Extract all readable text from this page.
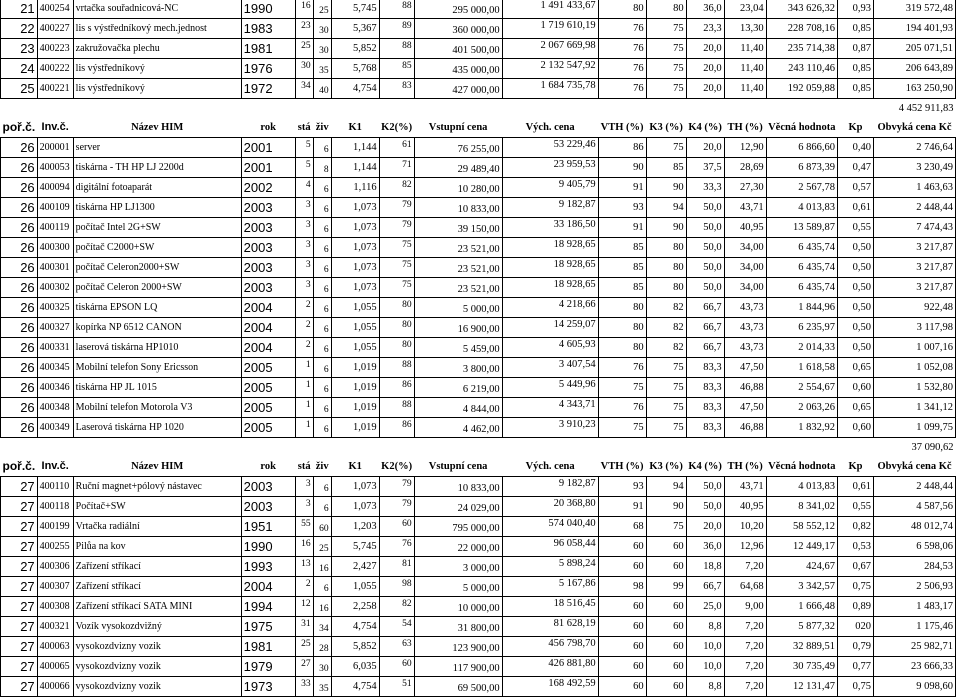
21	400254	vrtačka souřadnicová-NC	1990	16	25	5,745	88	295 000,00	1 491 433,67	80	80	36,0	23,04	343 626,32	0,93	319 572,48
22	400227	lis s výstředníkový mech.jednost	1983	23	30	5,367	89	360 000,00	1 719 610,19	76	75	23,3	13,30	228 708,16	0,85	194 401,93
23	400223	zakružovačka plechu	1981	25	30	5,852	88	401 500,00	2 067 669,98	76	75	20,0	11,40	235 714,38	0,87	205 071,51
24	400222	lis výstředníkový	1976	30	35	5,768	85	435 000,00	2 132 547,92	76	75	20,0	11,40	243 110,46	0,85	206 643,89
25	400221	lis výstředníkový	1972	34	40	4,754	83	427 000,00	1 684 735,78	76	75	20,0	11,40	192 059,88	0,85	163 250,90
																4 452 911,83
poř.č.	Inv.č.	Název HIM	rok	stá	živ	K1	K2(%)	Vstupní cena	Vých. cena	VTH (%)	K3 (%)	K4 (%)	TH (%)	Věcná hodnota	Kp	Obvyká cena Kč
26	200001	server	2001	5	6	1,144	61	76 255,00	53 229,46	86	75	20,0	12,90	6 866,60	0,40	2 746,64
26	400053	tiskárna - TH HP LJ 2200d	2001	5	8	1,144	71	29 489,40	23 959,53	90	85	37,5	28,69	6 873,39	0,47	3 230,49
26	400094	digitální fotoaparát	2002	4	6	1,116	82	10 280,00	9 405,79	91	90	33,3	27,30	2 567,78	0,57	1 463,63
26	400109	tiskárna HP LJ1300	2003	3	6	1,073	79	10 833,00	9 182,87	93	94	50,0	43,71	4 013,83	0,61	2 448,44
26	400119	počítač Intel 2G+SW	2003	3	6	1,073	79	39 150,00	33 186,50	91	90	50,0	40,95	13 589,87	0,55	7 474,43
26	400300	počítač C2000+SW	2003	3	6	1,073	75	23 521,00	18 928,65	85	80	50,0	34,00	6 435,74	0,50	3 217,87
26	400301	počítač Celeron2000+SW	2003	3	6	1,073	75	23 521,00	18 928,65	85	80	50,0	34,00	6 435,74	0,50	3 217,87
26	400302	počítač Celeron 2000+SW	2003	3	6	1,073	75	23 521,00	18 928,65	85	80	50,0	34,00	6 435,74	0,50	3 217,87
26	400325	tiskárna EPSON LQ	2004	2	6	1,055	80	5 000,00	4 218,66	80	82	66,7	43,73	1 844,96	0,50	922,48
26	400327	kopírka NP 6512 CANON	2004	2	6	1,055	80	16 900,00	14 259,07	80	82	66,7	43,73	6 235,97	0,50	3 117,98
26	400331	laserová tiskárna HP1010	2004	2	6	1,055	80	5 459,00	4 605,93	80	82	66,7	43,73	2 014,33	0,50	1 007,16
26	400345	Mobilní telefon Sony Ericsson	2005	1	6	1,019	88	3 800,00	3 407,54	76	75	83,3	47,50	1 618,58	0,65	1 052,08
26	400346	tiskárna HP JL 1015	2005	1	6	1,019	86	6 219,00	5 449,96	75	75	83,3	46,88	2 554,67	0,60	1 532,80
26	400348	Mobilní telefon Motorola V3	2005	1	6	1,019	88	4 844,00	4 343,71	76	75	83,3	47,50	2 063,26	0,65	1 341,12
26	400349	Laserová tiskárna HP 1020	2005	1	6	1,019	86	4 462,00	3 910,23	75	75	83,3	46,88	1 832,92	0,60	1 099,75
																37 090,62
poř.č.	Inv.č.	Název HIM	rok	stá	živ	K1	K2(%)	Vstupní cena	Vých. cena	VTH (%)	K3 (%)	K4 (%)	TH (%)	Věcná hodnota	Kp	Obvyká cena Kč
27	400110	Ruční magnet+pólový nástavec	2003	3	6	1,073	79	10 833,00	9 182,87	93	94	50,0	43,71	4 013,83	0,61	2 448,44
27	400118	Počítač+SW	2003	3	6	1,073	79	24 029,00	20 368,80	91	90	50,0	40,95	8 341,02	0,55	4 587,56
27	400199	Vrtačka radiální	1951	55	60	1,203	60	795 000,00	574 040,40	68	75	20,0	10,20	58 552,12	0,82	48 012,74
27	400255	Pilůa na kov	1990	16	25	5,745	76	22 000,00	96 058,44	60	60	36,0	12,96	12 449,17	0,53	6 598,06
27	400306	Zařízení stříkací	1993	13	16	2,427	81	3 000,00	5 898,24	60	60	18,8	7,20	424,67	0,67	284,53
27	400307	Zařízení stříkací	2004	2	6	1,055	98	5 000,00	5 167,86	98	99	66,7	64,68	3 342,57	0,75	2 506,93
27	400308	Zařízení stříkací SATA MINI	1994	12	16	2,258	82	10 000,00	18 516,45	60	60	25,0	9,00	1 666,48	0,89	1 483,17
27	400321	Vozík vysokozdvižný	1975	31	34	4,754	54	31 800,00	81 628,19	60	60	8,8	7,20	5 877,32	020	1 175,46
27	400063	vysokozdvizny vozik	1981	25	28	5,852	63	123 900,00	456 798,70	60	60	10,0	7,20	32 889,51	0,79	25 982,71
27	400065	vysokozdvizny vozik	1979	27	30	6,035	60	117 900,00	426 881,80	60	60	10,0	7,20	30 735,49	0,77	23 666,33
27	400066	vysokozdvizny vozik	1973	33	35	4,754	51	69 500,00	168 492,59	60	60	8,8	7,20	12 131,47	0,75	9 098,60
